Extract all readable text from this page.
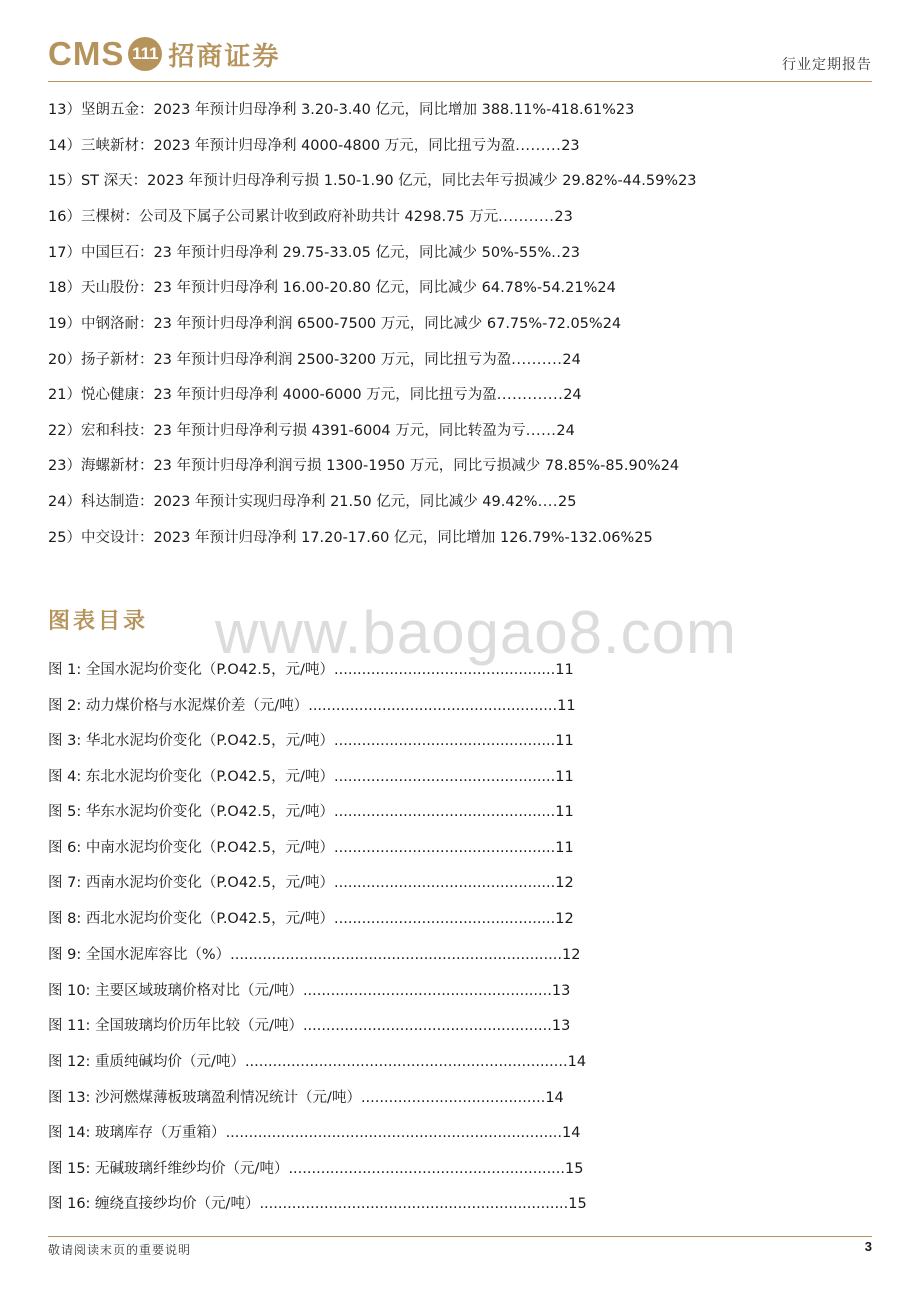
CMS 111 招商证券	行业定期报告
13）坚朗五金：2023 年预计归母净利 3.20-3.40 亿元，同比增加 388.11%-418.61%23
14）三峡新材：2023 年预计归母净利 4000-4800 万元，同比扭亏为盈.........23
15）ST 深天：2023 年预计归母净利亏损 1.50-1.90 亿元，同比去年亏损减少 29.82%-44.59%23
16）三棵树：公司及下属子公司累计收到政府补助共计 4298.75 万元...........23
17）中国巨石：23 年预计归母净利 29.75-33.05 亿元，同比减少 50%-55%..23
18）天山股份：23 年预计归母净利 16.00-20.80 亿元，同比减少 64.78%-54.21%24
19）中钢洛耐：23 年预计归母净利润 6500-7500 万元，同比减少 67.75%-72.05%24
20）扬子新材：23 年预计归母净利润 2500-3200 万元，同比扭亏为盈..........24
21）悦心健康：23 年预计归母净利 4000-6000 万元，同比扭亏为盈.............24
22）宏和科技：23 年预计归母净利亏损 4391-6004 万元，同比转盈为亏......24
23）海螺新材：23 年预计归母净利润亏损 1300-1950 万元，同比亏损减少 78.85%-85.90%24
24）科达制造：2023 年预计实现归母净利 21.50 亿元，同比减少 49.42%....25
25）中交设计：2023 年预计归母净利 17.20-17.60 亿元，同比增加 126.79%-132.06%25
www.baogao8.com
图表目录
图 1: 全国水泥均价变化（P.O42.5，元/吨）................................................11
图 2: 动力煤价格与水泥煤价差（元/吨）......................................................11
图 3: 华北水泥均价变化（P.O42.5，元/吨）................................................11
图 4: 东北水泥均价变化（P.O42.5，元/吨）................................................11
图 5: 华东水泥均价变化（P.O42.5，元/吨）................................................11
图 6: 中南水泥均价变化（P.O42.5，元/吨）................................................11
图 7: 西南水泥均价变化（P.O42.5，元/吨）................................................12
图 8: 西北水泥均价变化（P.O42.5，元/吨）................................................12
图 9: 全国水泥库容比（%）........................................................................12
图 10: 主要区域玻璃价格对比（元/吨）......................................................13
图 11: 全国玻璃均价历年比较（元/吨）......................................................13
图 12: 重质纯碱均价（元/吨）......................................................................14
图 13: 沙河燃煤薄板玻璃盈利情况统计（元/吨）........................................14
图 14: 玻璃库存（万重箱）.........................................................................14
图 15: 无碱玻璃纤维纱均价（元/吨）............................................................15
图 16: 缠绕直接纱均价（元/吨）...................................................................15
敬请阅读末页的重要说明	3
